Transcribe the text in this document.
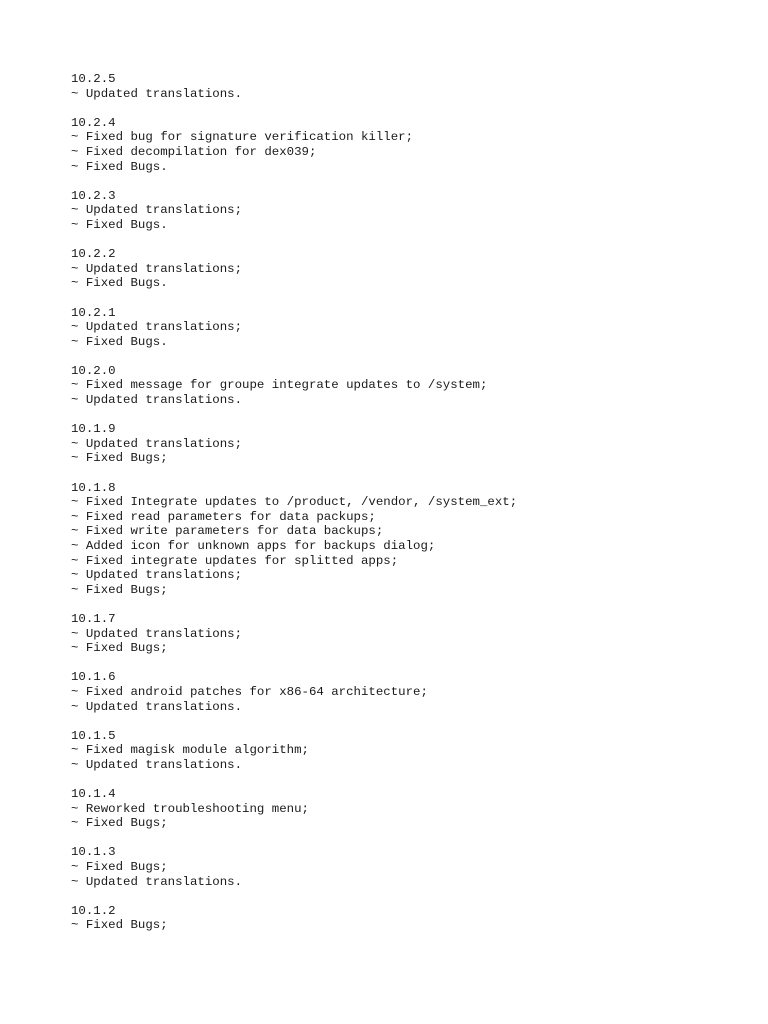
10.2.5
~ Updated translations.
10.2.4
~ Fixed bug for signature verification killer;
~ Fixed decompilation for dex039;
~ Fixed Bugs.
10.2.3
~ Updated translations;
~ Fixed Bugs.
10.2.2
~ Updated translations;
~ Fixed Bugs.
10.2.1
~ Updated translations;
~ Fixed Bugs.
10.2.0
~ Fixed message for groupe integrate updates to /system;
~ Updated translations.
10.1.9
~ Updated translations;
~ Fixed Bugs;
10.1.8
~ Fixed Integrate updates to /product, /vendor, /system_ext;
~ Fixed read parameters for data packups;
~ Fixed write parameters for data backups;
~ Added icon for unknown apps for backups dialog;
~ Fixed integrate updates for splitted apps;
~ Updated translations;
~ Fixed Bugs;
10.1.7
~ Updated translations;
~ Fixed Bugs;
10.1.6
~ Fixed android patches for x86-64 architecture;
~ Updated translations.
10.1.5
~ Fixed magisk module algorithm;
~ Updated translations.
10.1.4
~ Reworked troubleshooting menu;
~ Fixed Bugs;
10.1.3
~ Fixed Bugs;
~ Updated translations.
10.1.2
~ Fixed Bugs;
